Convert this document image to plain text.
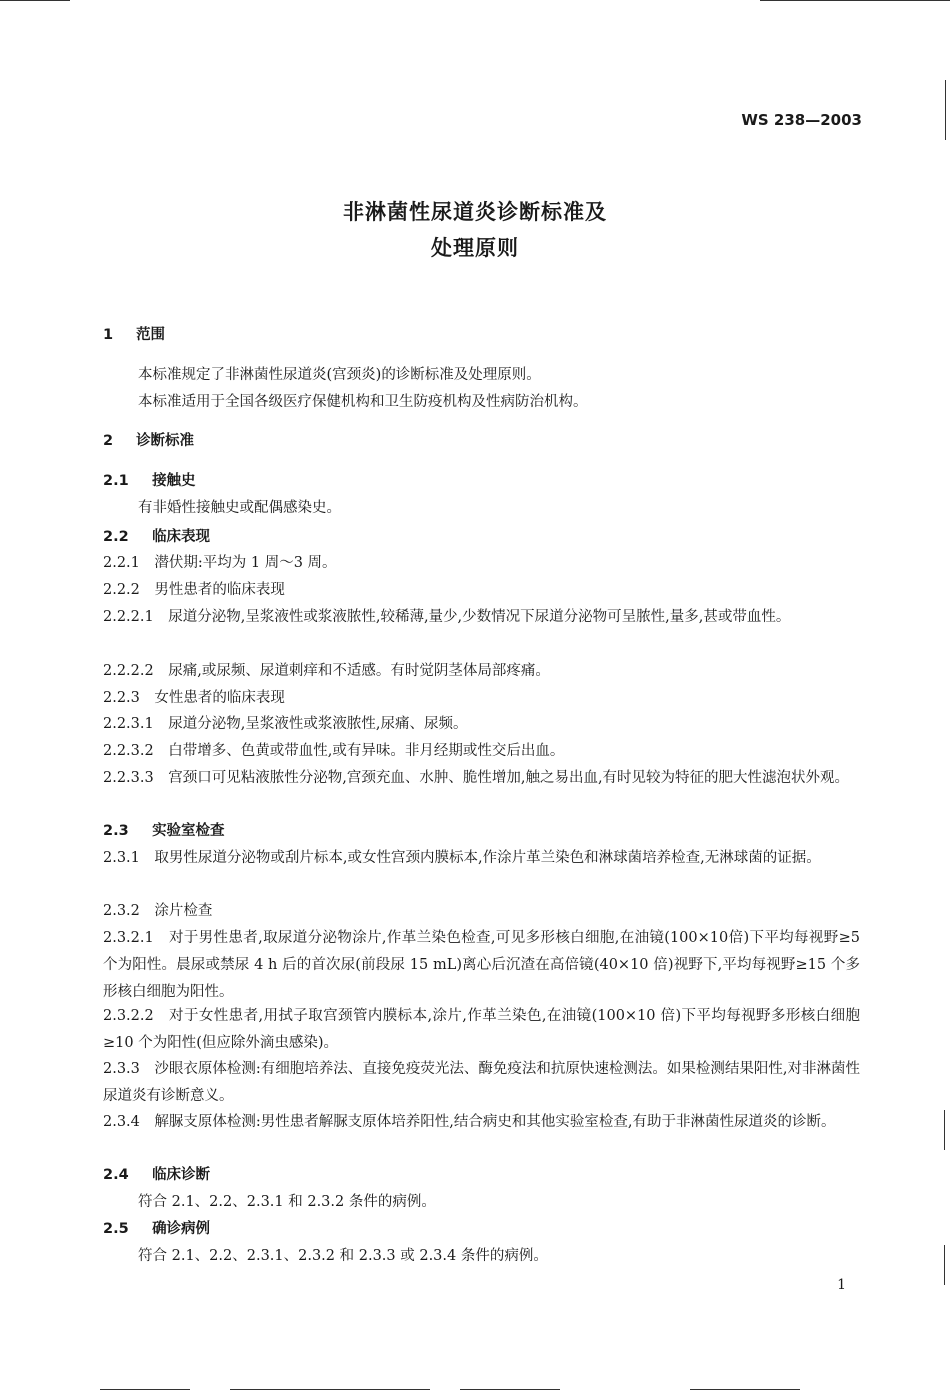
WS 238—2003
非淋菌性尿道炎诊断标准及
处理原则
1 范围
本标准规定了非淋菌性尿道炎(宫颈炎)的诊断标准及处理原则。
本标准适用于全国各级医疗保健机构和卫生防疫机构及性病防治机构。
2 诊断标准
2.1 接触史
有非婚性接触史或配偶感染史。
2.2 临床表现
2.2.1　潜伏期:平均为 1 周～3 周。
2.2.2　男性患者的临床表现
2.2.2.1　尿道分泌物,呈浆液性或浆液脓性,较稀薄,量少,少数情况下尿道分泌物可呈脓性,量多,甚或带血性。
2.2.2.2　尿痛,或尿频、尿道刺痒和不适感。有时觉阴茎体局部疼痛。
2.2.3　女性患者的临床表现
2.2.3.1　尿道分泌物,呈浆液性或浆液脓性,尿痛、尿频。
2.2.3.2　白带增多、色黄或带血性,或有异味。非月经期或性交后出血。
2.2.3.3　宫颈口可见粘液脓性分泌物,宫颈充血、水肿、脆性增加,触之易出血,有时见较为特征的肥大性滤泡状外观。
2.3 实验室检查
2.3.1　取男性尿道分泌物或刮片标本,或女性宫颈内膜标本,作涂片革兰染色和淋球菌培养检查,无淋球菌的证据。
2.3.2　涂片检查
2.3.2.1　对于男性患者,取尿道分泌物涂片,作革兰染色检查,可见多形核白细胞,在油镜(100×10倍)下平均每视野≥5 个为阳性。晨尿或禁尿 4 h 后的首次尿(前段尿 15 mL)离心后沉渣在高倍镜(40×10 倍)视野下,平均每视野≥15 个多形核白细胞为阳性。
2.3.2.2　对于女性患者,用拭子取宫颈管内膜标本,涂片,作革兰染色,在油镜(100×10 倍)下平均每视野多形核白细胞≥10 个为阳性(但应除外滴虫感染)。
2.3.3　沙眼衣原体检测:有细胞培养法、直接免疫荧光法、酶免疫法和抗原快速检测法。如果检测结果阳性,对非淋菌性尿道炎有诊断意义。
2.3.4　解脲支原体检测:男性患者解脲支原体培养阳性,结合病史和其他实验室检查,有助于非淋菌性尿道炎的诊断。
2.4 临床诊断
符合 2.1、2.2、2.3.1 和 2.3.2 条件的病例。
2.5 确诊病例
符合 2.1、2.2、2.3.1、2.3.2 和 2.3.3 或 2.3.4 条件的病例。
1
